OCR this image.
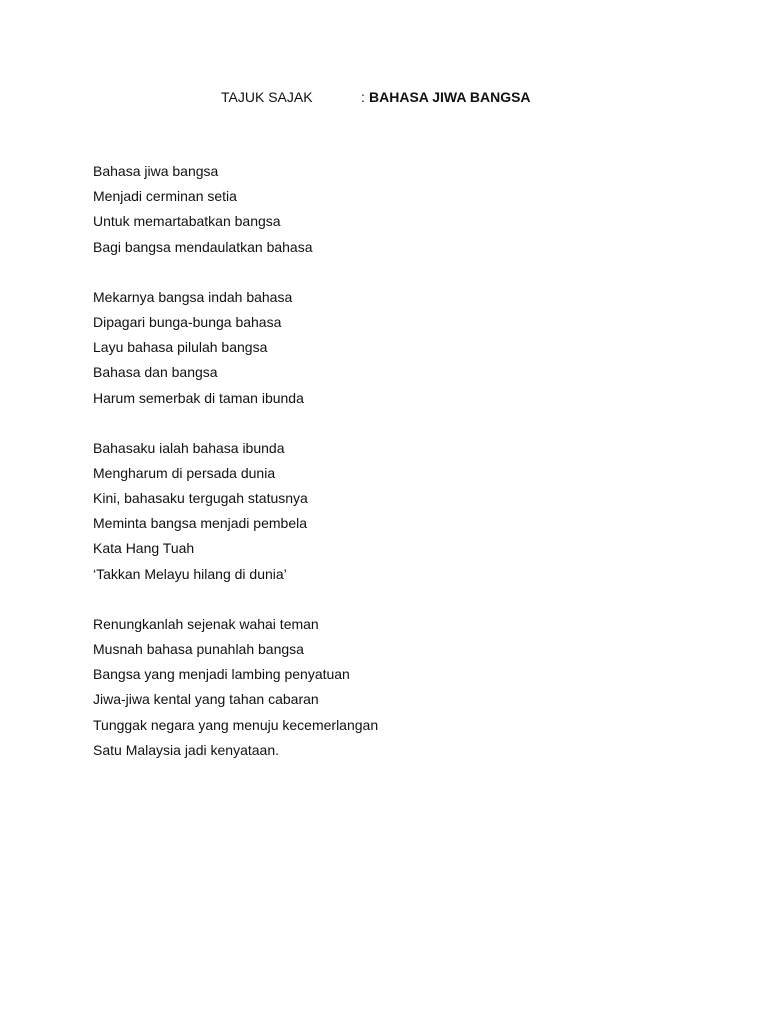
TAJUK SAJAK	: BAHASA JIWA BANGSA
Bahasa jiwa bangsa
Menjadi cerminan setia
Untuk memartabatkan bangsa
Bagi bangsa mendaulatkan bahasa
Mekarnya bangsa indah bahasa
Dipagari bunga-bunga bahasa
Layu bahasa pilulah bangsa
Bahasa dan bangsa
Harum semerbak di taman ibunda
Bahasaku ialah bahasa ibunda
Mengharum di persada dunia
Kini, bahasaku tergugah statusnya
Meminta bangsa menjadi pembela
Kata Hang Tuah
‘Takkan Melayu hilang di dunia’
Renungkanlah sejenak wahai teman
Musnah bahasa punahlah bangsa
Bangsa yang menjadi lambing penyatuan
Jiwa-jiwa kental yang tahan cabaran
Tunggak negara yang menuju kecemerlangan
Satu Malaysia jadi kenyataan.
